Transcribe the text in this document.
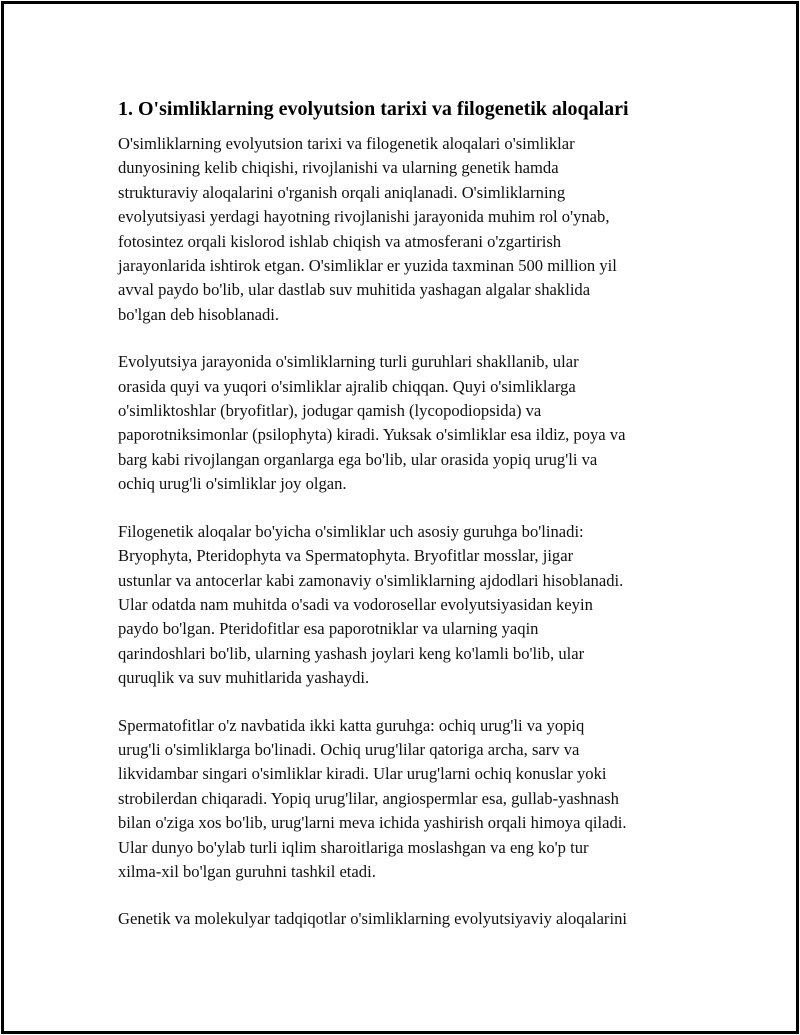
1. O'simliklarning evolyutsion tarixi va filogenetik aloqalari

O'simliklarning evolyutsion tarixi va filogenetik aloqalari o'simliklar
dunyosining kelib chiqishi, rivojlanishi va ularning genetik hamda
strukturaviy aloqalarini o'rganish orqali aniqlanadi. O'simliklarning
evolyutsiyasi yerdagi hayotning rivojlanishi jarayonida muhim rol o'ynab,
fotosintez orqali kislorod ishlab chiqish va atmosferani o'zgartirish
jarayonlarida ishtirok etgan. O'simliklar er yuzida taxminan 500 million yil
avval paydo bo'lib, ular dastlab suv muhitida yashagan algalar shaklida
bo'lgan deb hisoblanadi.

Evolyutsiya jarayonida o'simliklarning turli guruhlari shakllanib, ular
orasida quyi va yuqori o'simliklar ajralib chiqqan. Quyi o'simliklarga
o'simliktoshlar (bryofitlar), jodugar qamish (lycopodiopsida) va
paporotniksimonlar (psilophyta) kiradi. Yuksak o'simliklar esa ildiz, poya va
barg kabi rivojlangan organlarga ega bo'lib, ular orasida yopiq urug'li va
ochiq urug'li o'simliklar joy olgan.

Filogenetik aloqalar bo'yicha o'simliklar uch asosiy guruhga bo'linadi:
Bryophyta, Pteridophyta va Spermatophyta. Bryofitlar mosslar, jigar
ustunlar va antocerlar kabi zamonaviy o'simliklarning ajdodlari hisoblanadi.
Ular odatda nam muhitda o'sadi va vodorosellar evolyutsiyasidan keyin
paydo bo'lgan. Pteridofitlar esa paporotniklar va ularning yaqin
qarindoshlari bo'lib, ularning yashash joylari keng ko'lamli bo'lib, ular
quruqlik va suv muhitlarida yashaydi.

Spermatofitlar o'z navbatida ikki katta guruhga: ochiq urug'li va yopiq
urug'li o'simliklarga bo'linadi. Ochiq urug'lilar qatoriga archa, sarv va
likvidambar singari o'simliklar kiradi. Ular urug'larni ochiq konuslar yoki
strobilerdan chiqaradi. Yopiq urug'lilar, angiospermlar esa, gullab-yashnash
bilan o'ziga xos bo'lib, urug'larni meva ichida yashirish orqali himoya qiladi.
Ular dunyo bo'ylab turli iqlim sharoitlariga moslashgan va eng ko'p tur
xilma-xil bo'lgan guruhni tashkil etadi.

Genetik va molekulyar tadqiqotlar o'simliklarning evolyutsiyaviy aloqalarini
